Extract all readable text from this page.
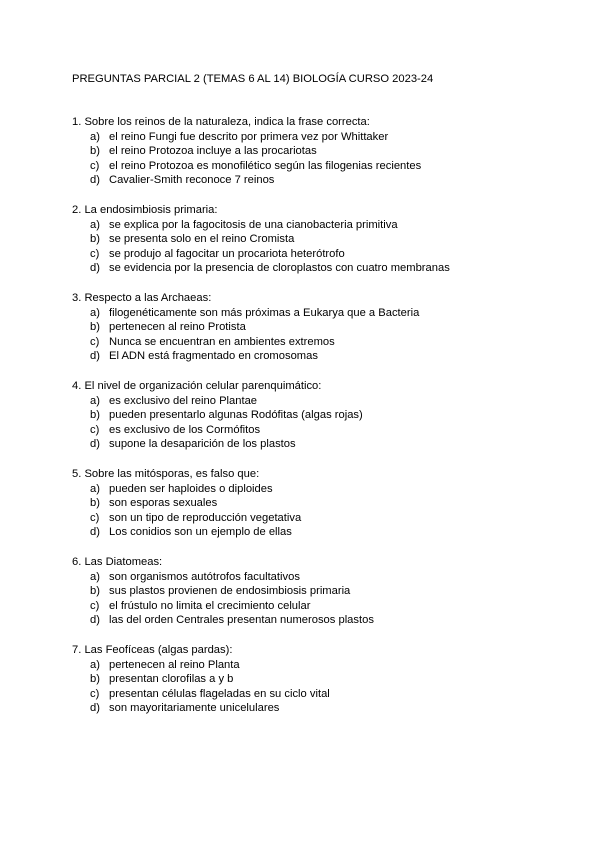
PREGUNTAS PARCIAL 2 (TEMAS 6 AL 14) BIOLOGÍA CURSO 2023-24
1. Sobre los reinos de la naturaleza, indica la frase correcta:
a) el reino Fungi fue descrito por primera vez por Whittaker
b) el reino Protozoa incluye a las procariotas
c) el reino Protozoa es monofilético según las filogenias recientes
d) Cavalier-Smith reconoce 7 reinos
2. La endosimbiosis primaria:
a) se explica por la fagocitosis de una cianobacteria primitiva
b) se presenta solo en el reino Cromista
c) se produjo al fagocitar un procariota heterótrofo
d) se evidencia por la presencia de cloroplastos con cuatro membranas
3. Respecto a las Archaeas:
a) filogenéticamente son más próximas a Eukarya que a Bacteria
b) pertenecen al reino Protista
c) Nunca se encuentran en ambientes extremos
d) El ADN está fragmentado en cromosomas
4. El nivel de organización celular parenquimático:
a) es exclusivo del reino Plantae
b) pueden presentarlo algunas Rodófitas (algas rojas)
c) es exclusivo de los Cormófitos
d) supone la desaparición de los plastos
5. Sobre las mitósporas, es falso que:
a) pueden ser haploides o diploides
b) son esporas sexuales
c) son un tipo de reproducción vegetativa
d) Los conidios son un ejemplo de ellas
6. Las Diatomeas:
a) son organismos autótrofos facultativos
b) sus plastos provienen de endosimbiosis primaria
c) el frústulo no limita el crecimiento celular
d) las del orden Centrales presentan numerosos plastos
7. Las Feofíceas (algas pardas):
a) pertenecen al reino Planta
b) presentan clorofilas a y b
c) presentan células flageladas en su ciclo vital
d) son mayoritariamente unicelulares
